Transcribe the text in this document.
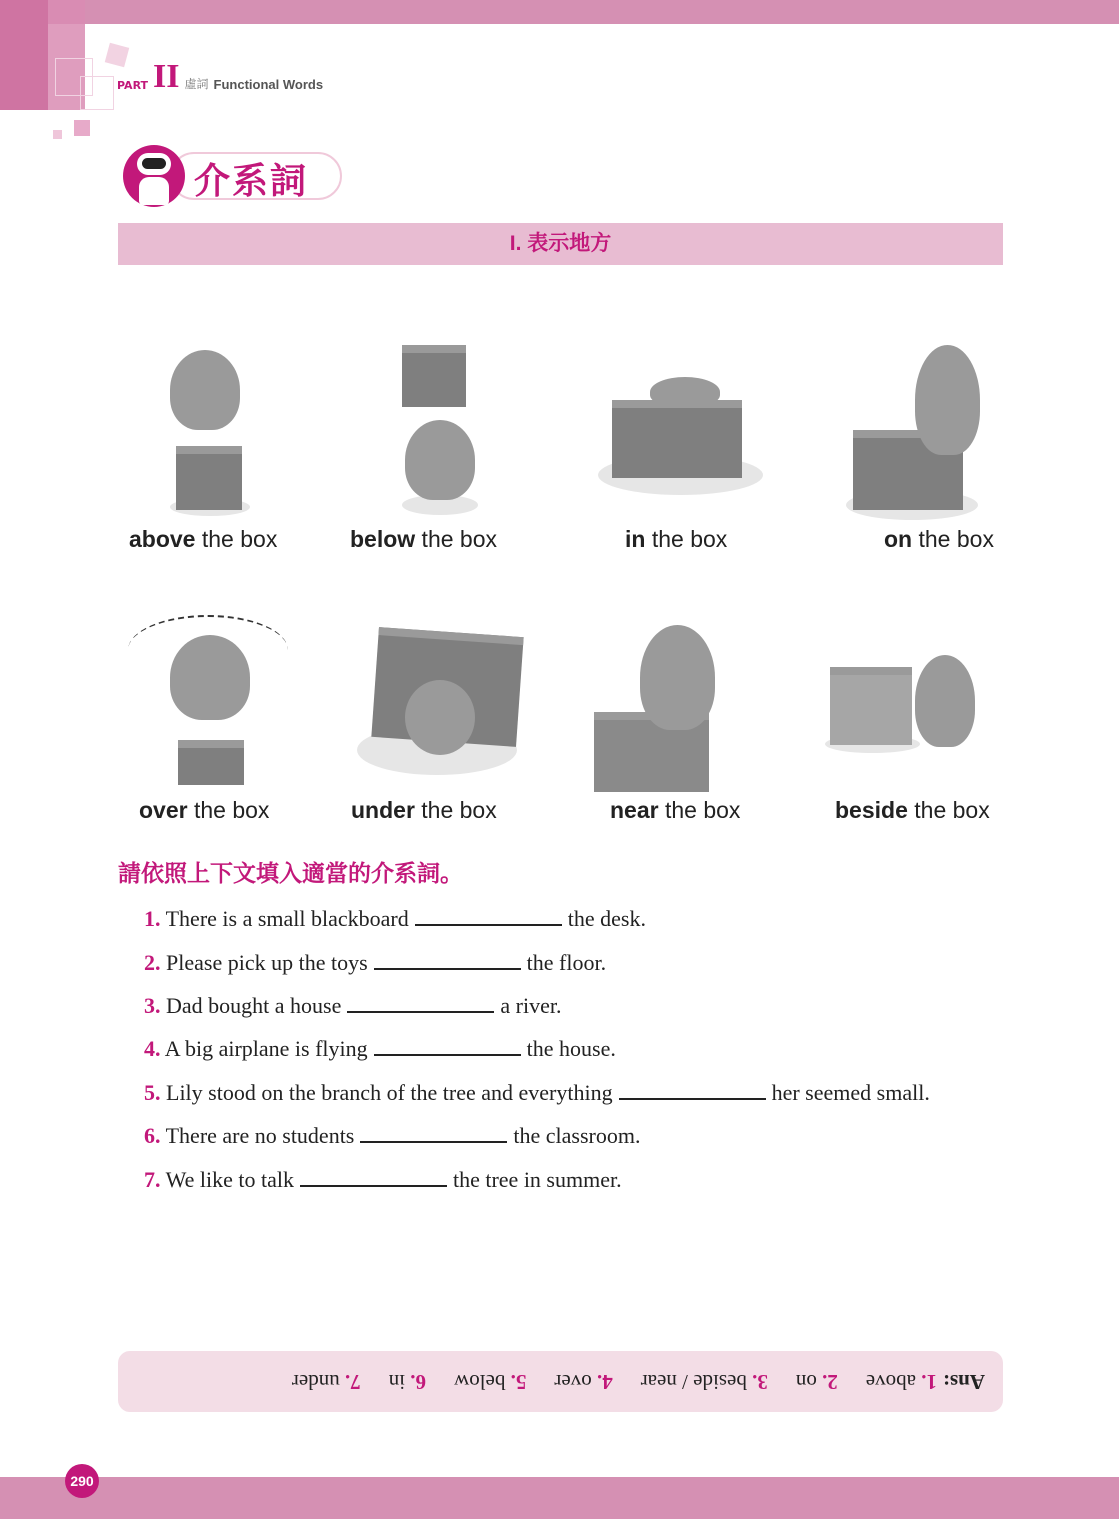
PART II 虛詞 Functional Words
介系詞
I. 表示地方
above the box	below the box	in the box	on the box
over the box	under the box	near the box	beside the box
請依照上下文填入適當的介系詞。
1. There is a small blackboard	the desk.
2. Please pick up the toys	the floor.
3. Dad bought a house	a river.
4. A big airplane is flying	the house.
5. Lily stood on the branch of the tree and everything	her seemed small.
6. There are no students	the classroom.
7. We like to talk	the tree in summer.
Ans:
1. above
2. on
3. beside / near
4. over
5. below
6. in
7. under
290
